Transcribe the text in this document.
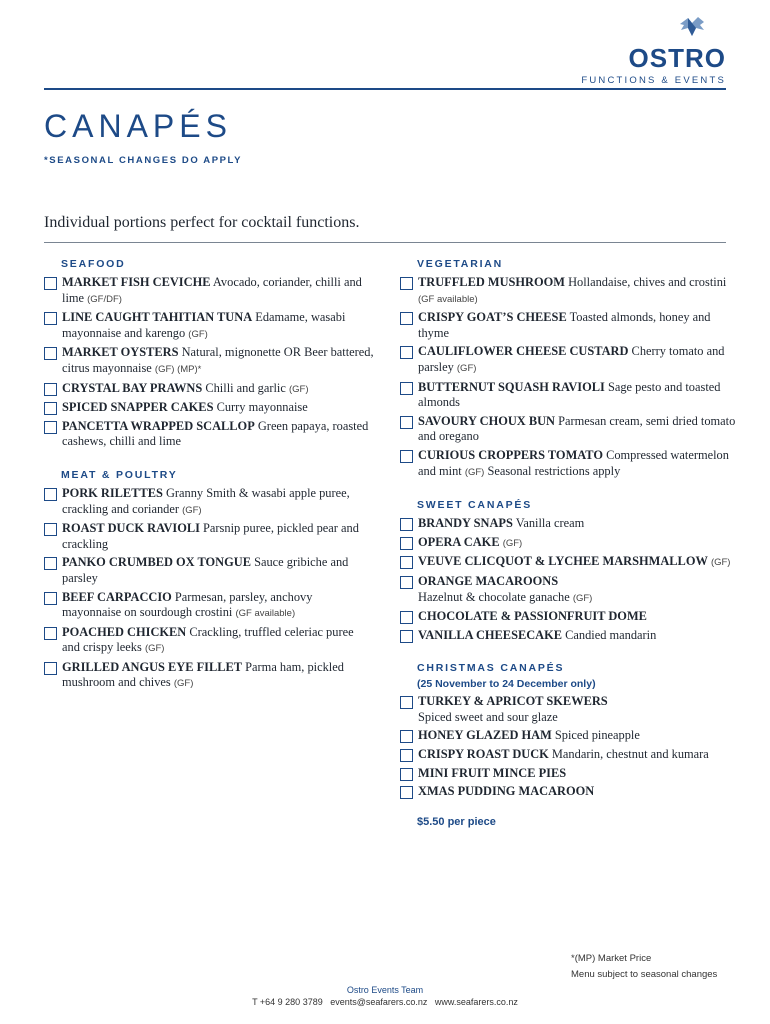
OSTRO
FUNCTIONS & EVENTS
CANAPÉS
*SEASONAL CHANGES DO APPLY
Individual portions perfect for cocktail functions.
SEAFOOD
MARKET FISH CEVICHE Avocado, coriander, chilli and lime (GF/DF)
LINE CAUGHT TAHITIAN TUNA Edamame, wasabi mayonnaise and karengo (GF)
MARKET OYSTERS Natural, mignonette OR Beer battered, citrus mayonnaise (GF) (MP)*
CRYSTAL BAY PRAWNS Chilli and garlic (GF)
SPICED SNAPPER CAKES Curry mayonnaise
PANCETTA WRAPPED SCALLOP Green papaya, roasted cashews, chilli and lime
MEAT & POULTRY
PORK RILETTES Granny Smith & wasabi apple puree, crackling and coriander (GF)
ROAST DUCK RAVIOLI Parsnip puree, pickled pear and crackling
PANKO CRUMBED OX TONGUE Sauce gribiche and parsley
BEEF CARPACCIO Parmesan, parsley, anchovy mayonnaise on sourdough crostini (GF available)
POACHED CHICKEN Crackling, truffled celeriac puree and crispy leeks (GF)
GRILLED ANGUS EYE FILLET Parma ham, pickled mushroom and chives (GF)
VEGETARIAN
TRUFFLED MUSHROOM Hollandaise, chives and crostini (GF available)
CRISPY GOAT’S CHEESE Toasted almonds, honey and thyme
CAULIFLOWER CHEESE CUSTARD Cherry tomato and parsley (GF)
BUTTERNUT SQUASH RAVIOLI Sage pesto and toasted almonds
SAVOURY CHOUX BUN Parmesan cream, semi dried tomato and oregano
CURIOUS CROPPERS TOMATO Compressed watermelon and mint (GF) Seasonal restrictions apply
SWEET CANAPÉS
BRANDY SNAPS Vanilla cream
OPERA CAKE (GF)
VEUVE CLICQUOT & LYCHEE MARSHMALLOW (GF)
ORANGE MACAROONS
Hazelnut & chocolate ganache (GF)
CHOCOLATE & PASSIONFRUIT DOME
VANILLA CHEESECAKE Candied mandarin
CHRISTMAS CANAPÉS
(25 November to 24 December only)
TURKEY & APRICOT SKEWERS
Spiced sweet and sour glaze
HONEY GLAZED HAM Spiced pineapple
CRISPY ROAST DUCK Mandarin, chestnut and kumara
MINI FRUIT MINCE PIES
XMAS PUDDING MACAROON
$5.50 per piece
*(MP) Market Price
Menu subject to seasonal changes
Ostro Events Team
T +64 9 280 3789   events@seafarers.co.nz   www.seafarers.co.nz
